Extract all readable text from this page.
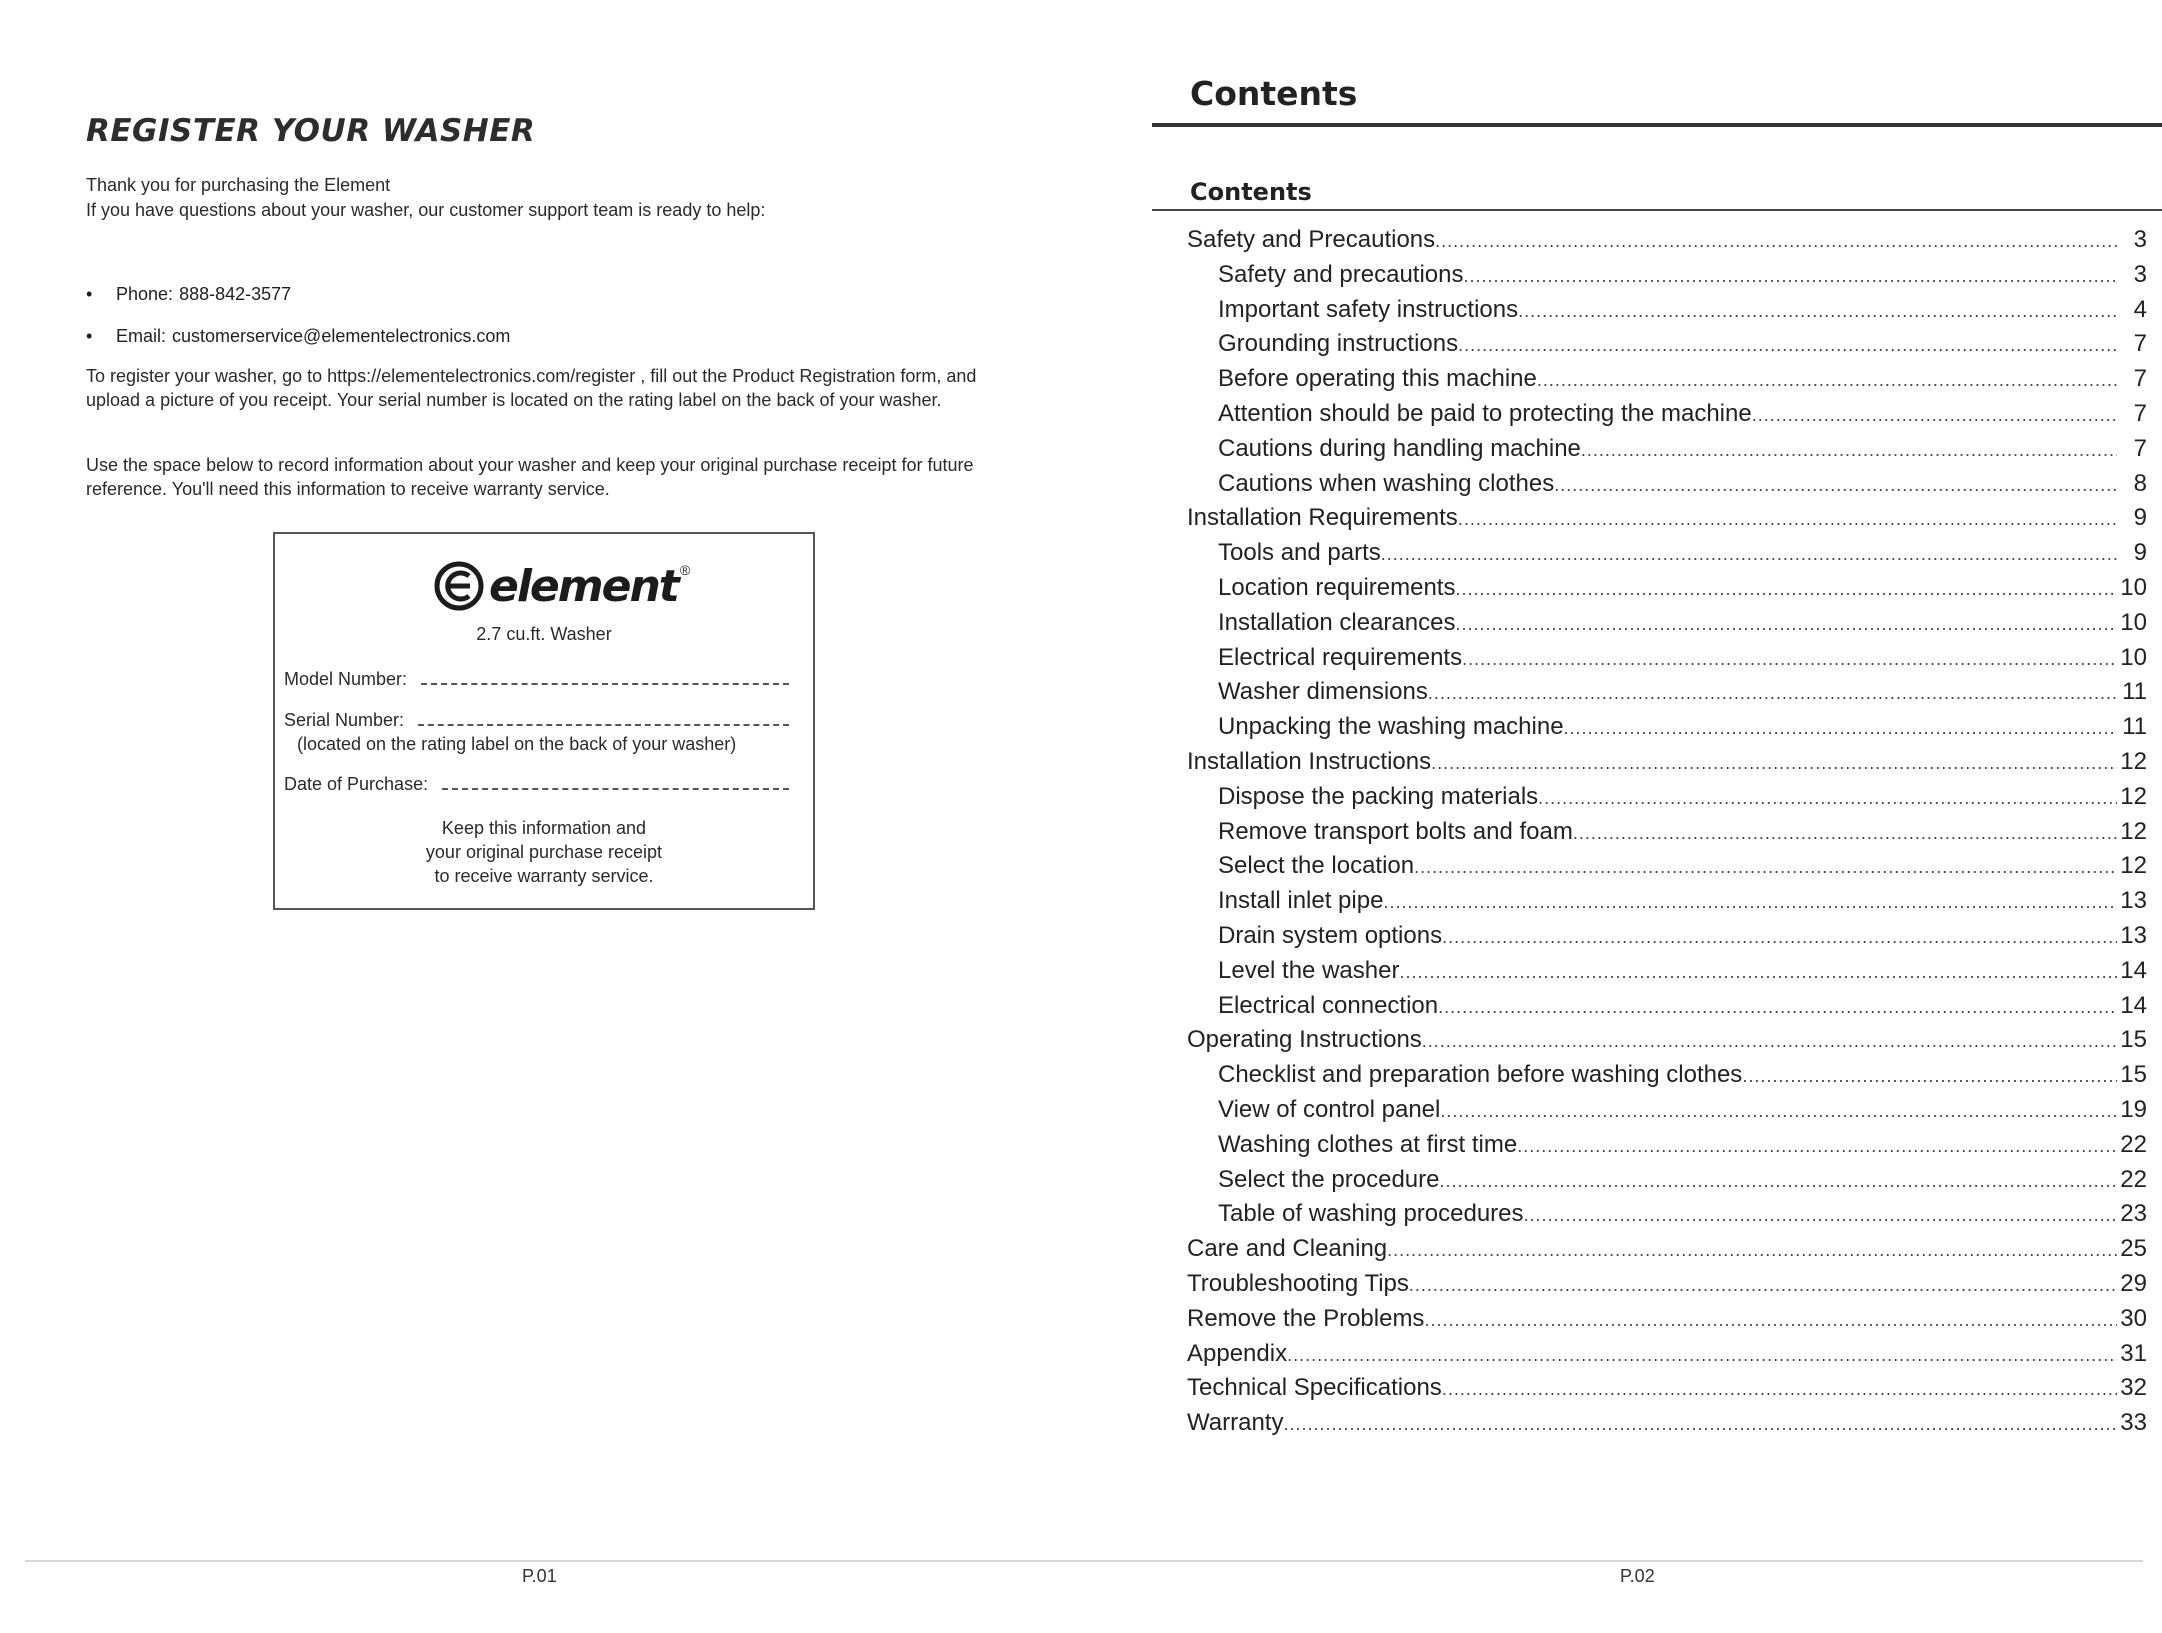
REGISTER YOUR WASHER
Thank you for purchasing the Element
If you have questions about your washer, our customer support team is ready to help:
• Phone: 888-842-3577
• Email: customerservice@elementelectronics.com
To register your washer, go to https://elementelectronics.com/register , fill out the Product Registration form, and upload a picture of you receipt. Your serial number is located on the rating label on the back of your washer.
Use the space below to record information about your washer and keep your original purchase receipt for future reference. You'll need this information to receive warranty service.
element ®
2.7 cu.ft. Washer
Model Number:
Serial Number:
(located on the rating label on the back of your washer)
Date of Purchase:
Keep this information and
your original purchase receipt
to receive warranty service.
P.01
Contents
Contents
Safety and Precautions .....	3
Safety and precautions .....	3
Important safety instructions .....	4
Grounding instructions .....	7
Before operating this machine .....	7
Attention should be paid to protecting the machine .....	7
Cautions during handling machine .....	7
Cautions when washing clothes .....	8
Installation Requirements .....	9
Tools and parts .....	9
Location requirements .....	10
Installation clearances .....	10
Electrical requirements .....	10
Washer dimensions .....	11
Unpacking the washing machine .....	11
Installation Instructions .....	12
Dispose the packing materials .....	12
Remove transport bolts and foam .....	12
Select the location .....	12
Install inlet pipe .....	13
Drain system options .....	13
Level the washer .....	14
Electrical connection .....	14
Operating Instructions .....	15
Checklist and preparation before washing clothes .....	15
View of control panel .....	19
Washing clothes at first time .....	22
Select the procedure .....	22
Table of washing procedures .....	23
Care and Cleaning .....	25
Troubleshooting Tips .....	29
Remove the Problems .....	30
Appendix .....	31
Technical Specifications .....	32
Warranty .....	33
P.02
